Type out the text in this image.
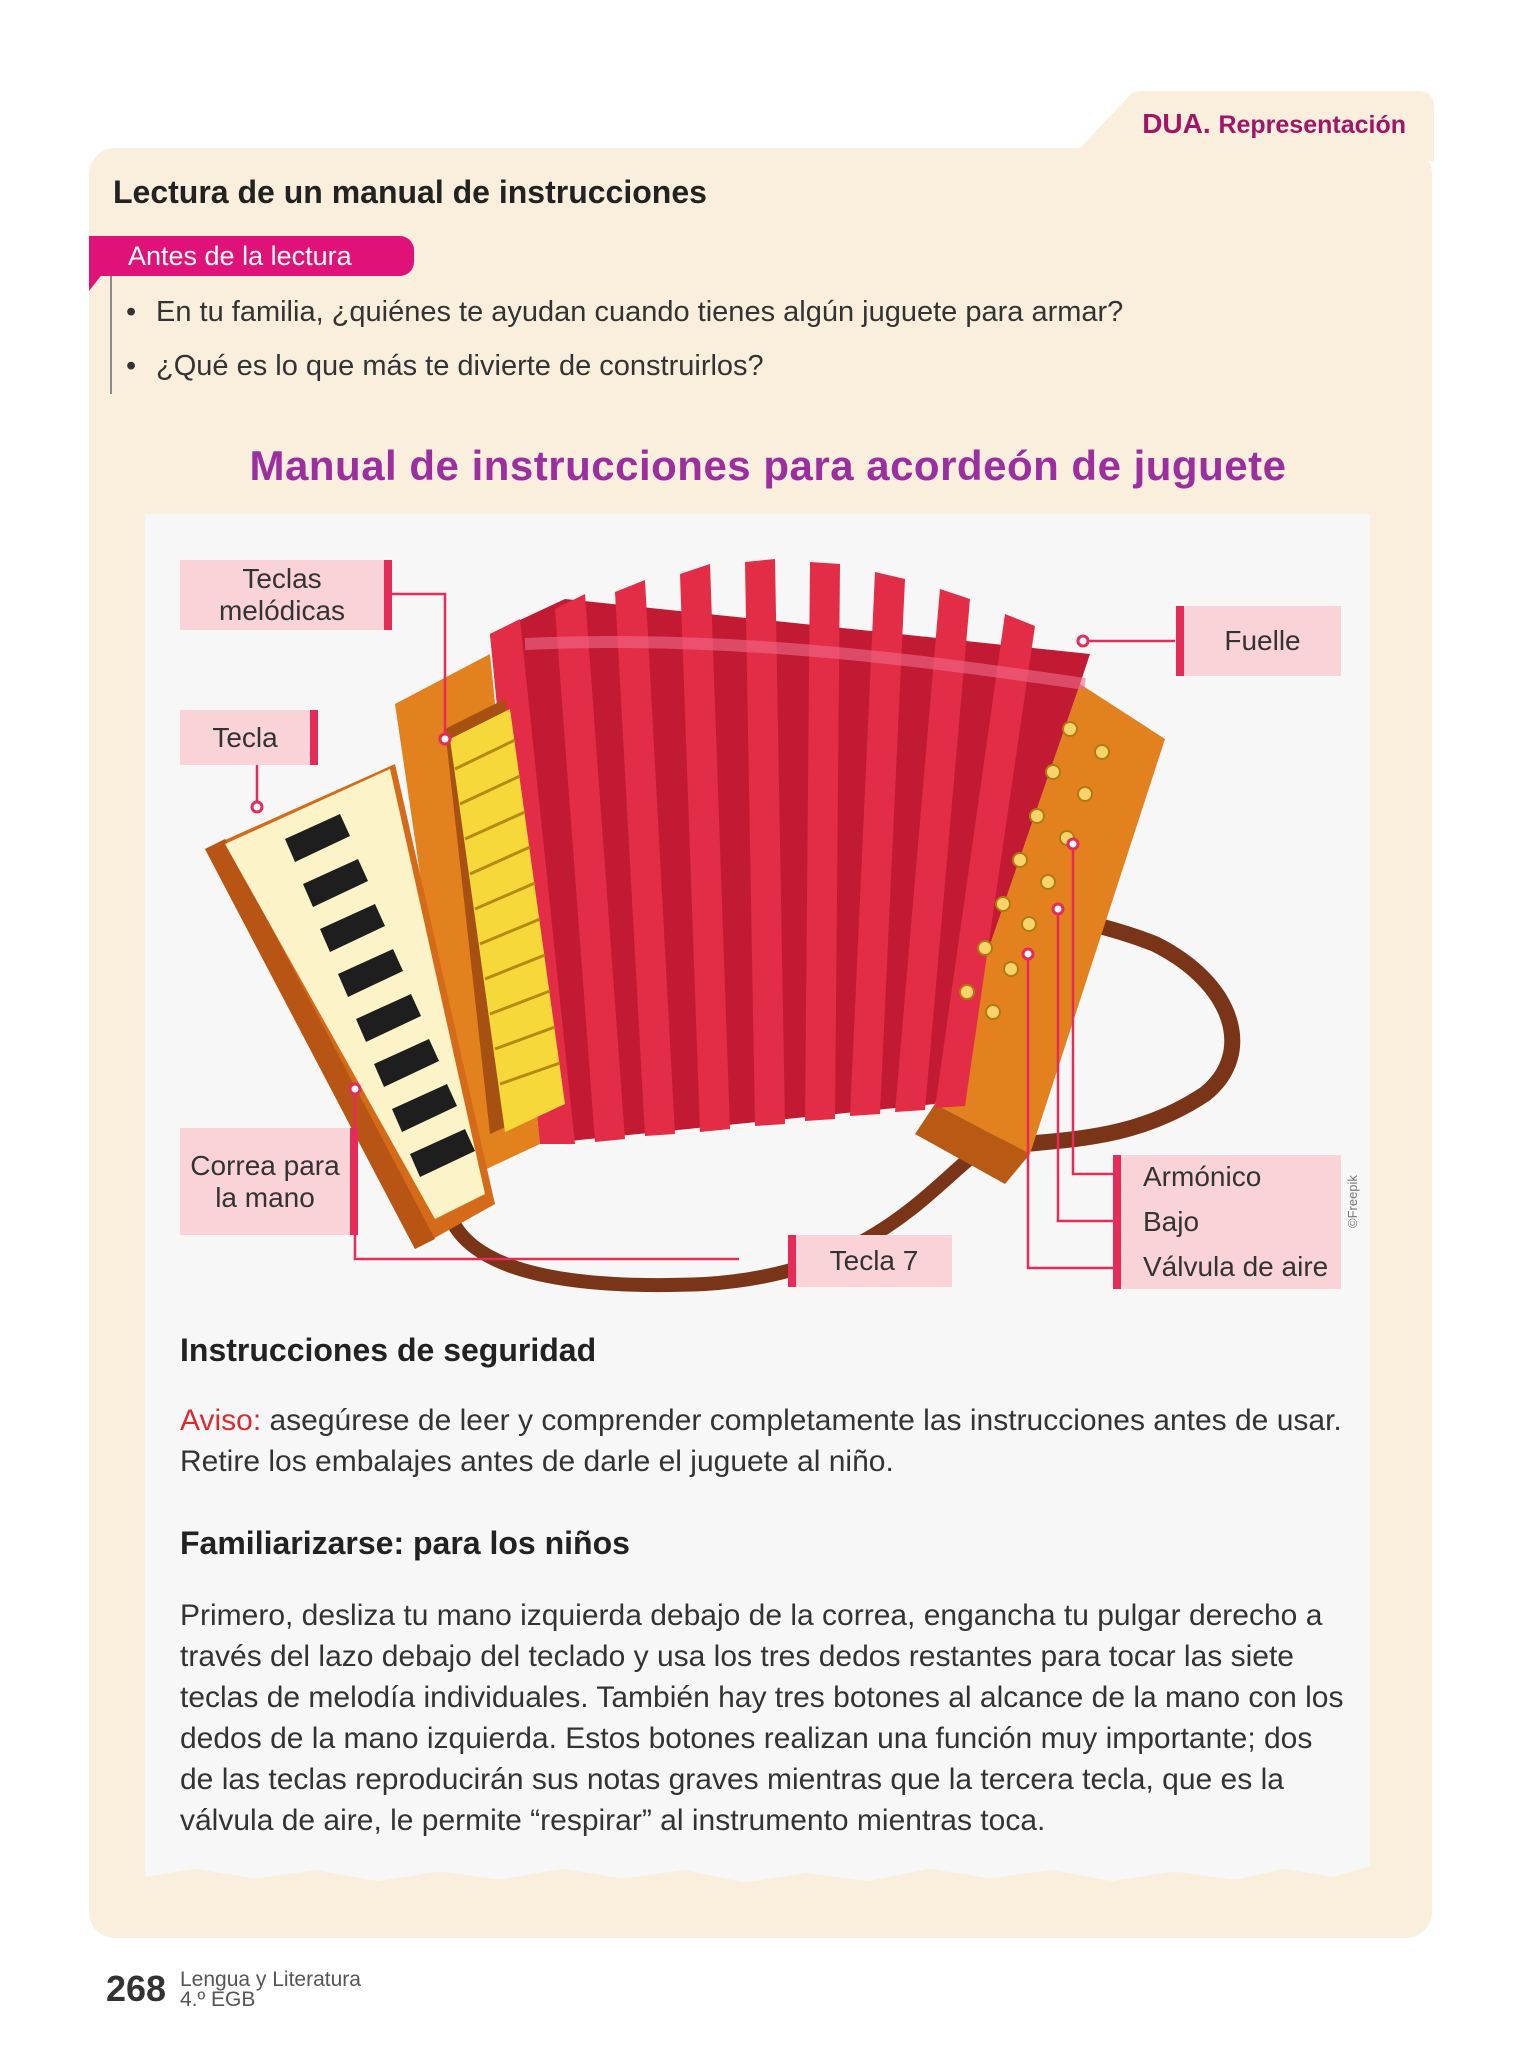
DUA. Representación
Lectura de un manual de instrucciones
Antes de la lectura
• En tu familia, ¿quiénes te ayudan cuando tienes algún juguete para armar?
• ¿Qué es lo que más te divierte de construirlos?
Manual de instrucciones para acordeón de juguete
Teclas melódicas
Tecla
Fuelle
Correa para la mano
Tecla 7
Armónico
Bajo
Válvula de aire
©Freepik
Instrucciones de seguridad

Aviso: asegúrese de leer y comprender completamente las instrucciones antes de usar. Retire los embalajes antes de darle el juguete al niño.

Familiarizarse: para los niños

Primero, desliza tu mano izquierda debajo de la correa, engancha tu pulgar derecho a través del lazo debajo del teclado y usa los tres dedos restantes para tocar las siete teclas de melodía individuales. También hay tres botones al alcance de la mano con los dedos de la mano izquierda. Estos botones realizan una función muy importante; dos de las teclas reproducirán sus notas graves mientras que la tercera tecla, que es la válvula de aire, le permite “respirar” al instrumento mientras toca.

268 Lengua y Literatura
4.º EGB
